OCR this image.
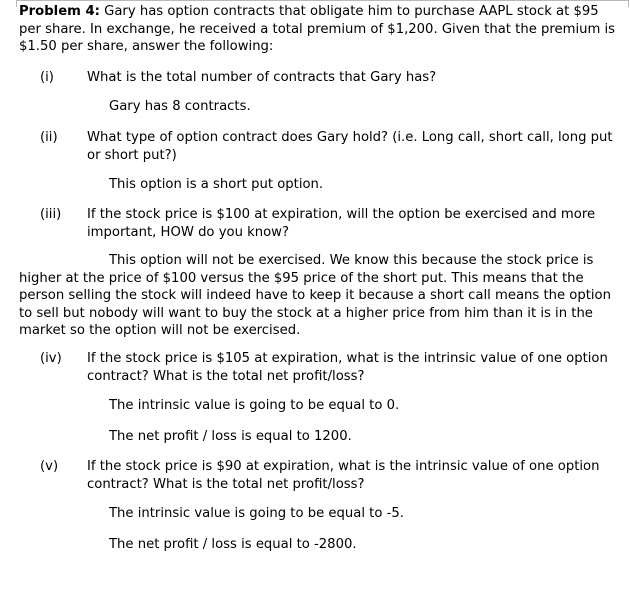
Problem 4: Gary has option contracts that obligate him to purchase AAPL stock at $95 per share. In exchange, he received a total premium of $1,200. Given that the premium is $1.50 per share, answer the following:
(i)	What is the total number of contracts that Gary has?
Gary has 8 contracts.
(ii) What type of option contract does Gary hold? (i.e. Long call, short call, long put or short put?)
This option is a short put option.
(iii) If the stock price is $100 at expiration, will the option be exercised and more important, HOW do you know?
This option will not be exercised. We know this because the stock price is higher at the price of $100 versus the $95 price of the short put. This means that the person selling the stock will indeed have to keep it because a short call means the option to sell but nobody will want to buy the stock at a higher price from him than it is in the market so the option will not be exercised.
(iv) If the stock price is $105 at expiration, what is the intrinsic value of one option contract? What is the total net profit/loss?
The intrinsic value is going to be equal to 0.
The net profit / loss is equal to 1200.
(v) If the stock price is $90 at expiration, what is the intrinsic value of one option contract? What is the total net profit/loss?
The intrinsic value is going to be equal to -5.
The net profit / loss is equal to -2800.
